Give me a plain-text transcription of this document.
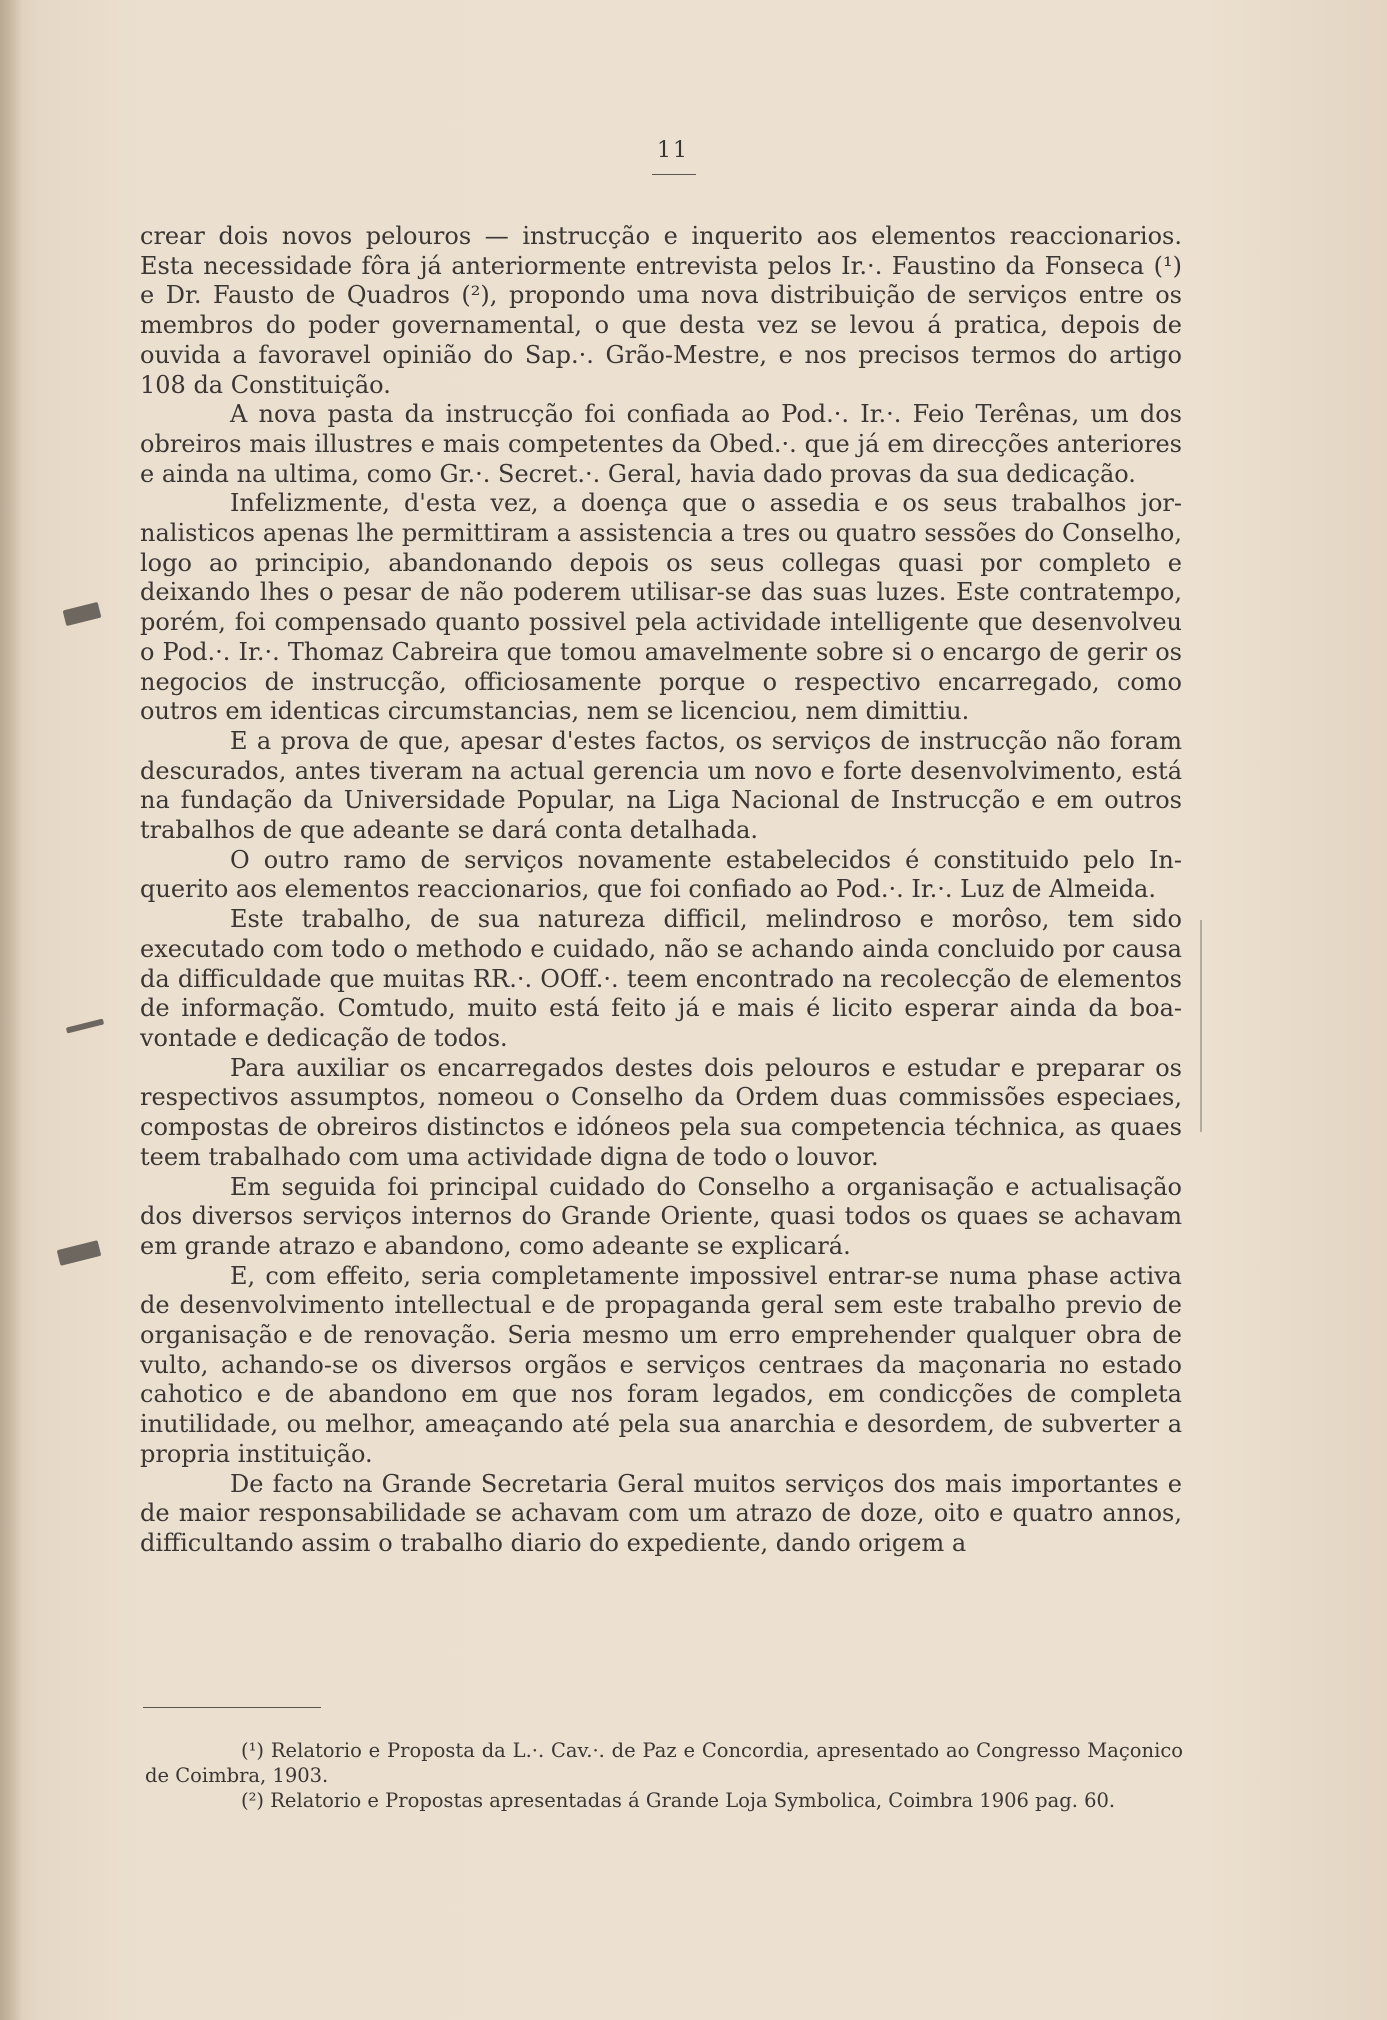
11

crear dois novos pelouros — instrucção e inquerito aos elementos reaccionarios. Esta necessidade fôra já anteriormente entrevista pelos Ir.·. Faustino da Fonseca (¹) e Dr. Fausto de Quadros (²), propondo uma nova distribuição de serviços entre os membros do poder governamental, o que desta vez se levou á pratica, depois de ouvida a favoravel opinião do Sap.·. Grão-Mestre, e nos precisos termos do artigo 108 da Constituição.

A nova pasta da instrucção foi confiada ao Pod.·. Ir.·. Feio Terênas, um dos obreiros mais illustres e mais competentes da Obed.·. que já em direcções anteriores e ainda na ultima, como Gr.·. Secret.·. Geral, havia dado provas da sua dedicação.

Infelizmente, d'esta vez, a doença que o assedia e os seus trabalhos jornalisticos apenas lhe permittiram a assistencia a tres ou quatro sessões do Conselho, logo ao principio, abandonando depois os seus collegas quasi por completo e deixando lhes o pesar de não poderem utilisar-se das suas luzes. Este contratempo, porém, foi compensado quanto possivel pela actividade intelligente que desenvolveu o Pod.·. Ir.·. Thomaz Cabreira que tomou amavelmente sobre si o encargo de gerir os negocios de instrucção, officiosamente porque o respectivo encarregado, como outros em identicas circumstancias, nem se licenciou, nem dimittiu.

E a prova de que, apesar d'estes factos, os serviços de instrucção não foram descurados, antes tiveram na actual gerencia um novo e forte desenvolvimento, está na fundação da Universidade Popular, na Liga Nacional de Instrucção e em outros trabalhos de que adeante se dará conta detalhada.

O outro ramo de serviços novamente estabelecidos é constituido pelo Inquerito aos elementos reaccionarios, que foi confiado ao Pod.·. Ir.·. Luz de Almeida.

Este trabalho, de sua natureza difficil, melindroso e morôso, tem sido executado com todo o methodo e cuidado, não se achando ainda concluido por causa da difficuldade que muitas RR.·. OOff.·. teem encontrado na recolecção de elementos de informação. Comtudo, muito está feito já e mais é licito esperar ainda da boa-vontade e dedicação de todos.

Para auxiliar os encarregados destes dois pelouros e estudar e preparar os respectivos assumptos, nomeou o Conselho da Ordem duas commissões especiaes, compostas de obreiros distinctos e idóneos pela sua competencia téchnica, as quaes teem trabalhado com uma actividade digna de todo o louvor.

Em seguida foi principal cuidado do Conselho a organisação e actualisação dos diversos serviços internos do Grande Oriente, quasi todos os quaes se achavam em grande atrazo e abandono, como adeante se explicará.

E, com effeito, seria completamente impossivel entrar-se numa phase activa de desenvolvimento intellectual e de propaganda geral sem este trabalho previo de organisação e de renovação. Seria mesmo um erro emprehender qualquer obra de vulto, achando-se os diversos orgãos e serviços centraes da maçonaria no estado cahotico e de abandono em que nos foram legados, em condicções de completa inutilidade, ou melhor, ameaçando até pela sua anarchia e desordem, de subverter a propria instituição.

De facto na Grande Secretaria Geral muitos serviços dos mais importantes e de maior responsabilidade se achavam com um atrazo de doze, oito e quatro annos, difficultando assim o trabalho diario do expediente, dando origem a

(¹) Relatorio e Proposta da L.·. Cav.·. de Paz e Concordia, apresentado ao Congresso Maçonico de Coimbra, 1903.

(²) Relatorio e Propostas apresentadas á Grande Loja Symbolica, Coimbra 1906 pag. 60.
